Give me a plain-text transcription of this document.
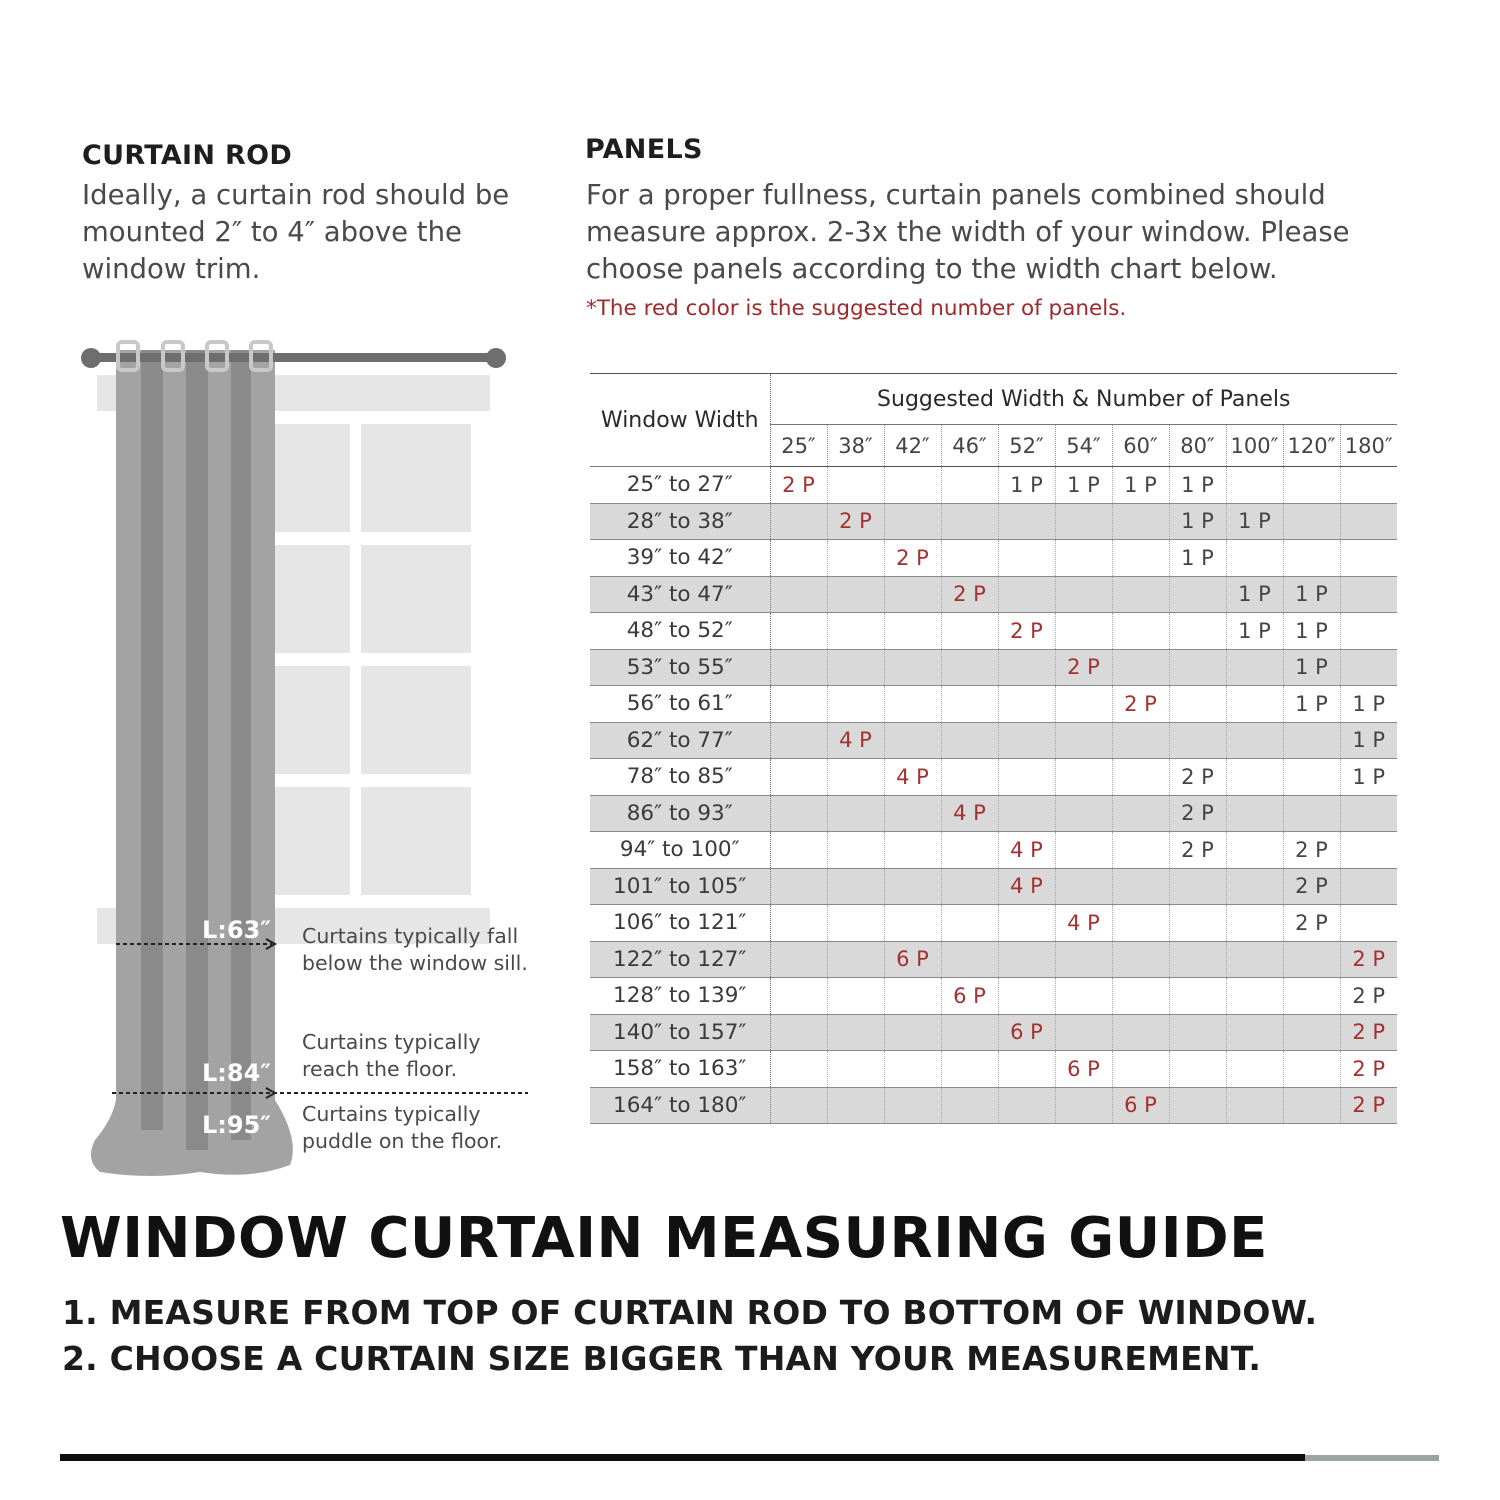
CURTAIN ROD
Ideally, a curtain rod should be mounted 2″ to 4″ above the window trim.
PANELS
For a proper fullness, curtain panels combined should measure approx. 2-3x the width of your window. Please choose panels according to the width chart below.
*The red color is the suggested number of panels.
L:63″
L:84″
L:95″
Curtains typically fall
below the window sill.
Curtains typically
reach the floor.
Curtains typically
puddle on the floor.
Window Width	Suggested Width & Number of Panels										
	25″	38″	42″	46″	52″	54″	60″	80″	100″	120″	180″
25″ to 27″	2 P				1 P	1 P	1 P	1 P			
28″ to 38″		2 P						1 P	1 P		
39″ to 42″			2 P					1 P			
43″ to 47″				2 P					1 P	1 P	
48″ to 52″					2 P				1 P	1 P	
53″ to 55″						2 P				1 P	
56″ to 61″							2 P			1 P	1 P
62″ to 77″		4 P									1 P
78″ to 85″			4 P					2 P			1 P
86″ to 93″				4 P				2 P			
94″ to 100″					4 P			2 P		2 P	
101″ to 105″					4 P					2 P	
106″ to 121″						4 P				2 P	
122″ to 127″			6 P								2 P
128″ to 139″				6 P							2 P
140″ to 157″					6 P						2 P
158″ to 163″						6 P					2 P
164″ to 180″							6 P				2 P
WINDOW CURTAIN MEASURING GUIDE
1. MEASURE FROM TOP OF CURTAIN ROD TO BOTTOM OF WINDOW.
2. CHOOSE A CURTAIN SIZE BIGGER THAN YOUR MEASUREMENT.
